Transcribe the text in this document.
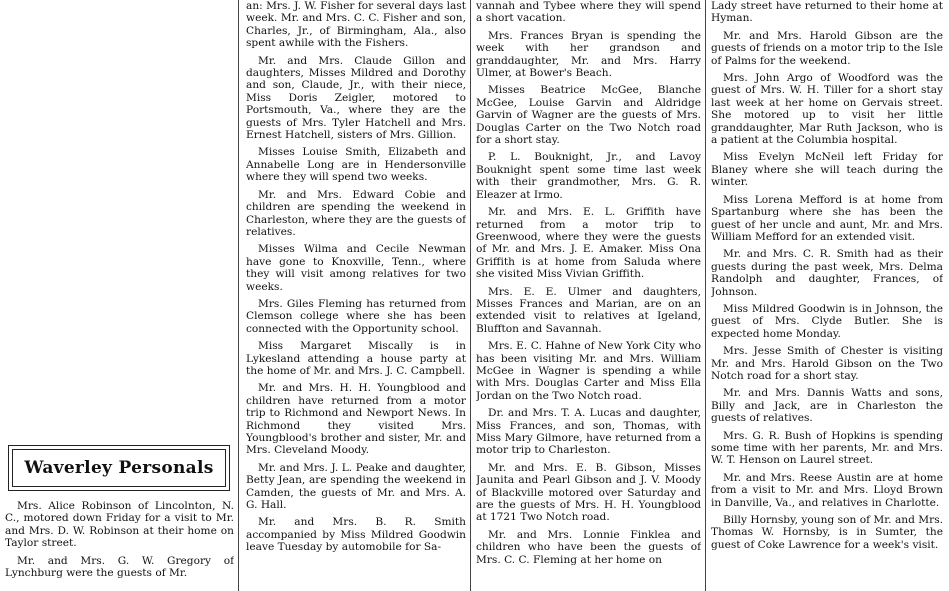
Waverley Personals

Mrs. Alice Robinson of Lincolnton, N. C., motored down Friday for a visit to Mr. and Mrs. D. W. Robinson at their home on Taylor street.

Mr. and Mrs. G. W. Gregory of Lynchburg were the guests of Mr.

an: Mrs. J. W. Fisher for several days last week. Mr. and Mrs. C. C. Fisher and son, Charles, Jr., of Birmingham, Ala., also spent awhile with the Fishers.

Mr. and Mrs. Claude Gillon and daughters, Misses Mildred and Dorothy and son, Claude, Jr., with their niece, Miss Doris Zeigler, motored to Portsmouth, Va., where they are the guests of Mrs. Tyler Hatchell and Mrs. Ernest Hatchell, sisters of Mrs. Gillion.

Misses Louise Smith, Elizabeth and Annabelle Long are in Hendersonville where they will spend two weeks.

Mr. and Mrs. Edward Cobie and children are spending the weekend in Charleston, where they are the guests of relatives.

Misses Wilma and Cecile Newman have gone to Knoxville, Tenn., where they will visit among relatives for two weeks.

Mrs. Giles Fleming has returned from Clemson college where she has been connected with the Opportunity school.

Miss Margaret Miscally is in Lykesland attending a house party at the home of Mr. and Mrs. J. C. Campbell.

Mr. and Mrs. H. H. Youngblood and children have returned from a motor trip to Richmond and Newport News. In Richmond they visited Mrs. Youngblood's brother and sister, Mr. and Mrs. Cleveland Moody.

Mr. and Mrs. J. L. Peake and daughter, Betty Jean, are spending the weekend in Camden, the guests of Mr. and Mrs. A. G. Hall.

Mr. and Mrs. B. R. Smith accompanied by Miss Mildred Goodwin leave Tuesday by automobile for Sa-

vannah and Tybee where they will spend a short vacation.

Mrs. Frances Bryan is spending the week with her grandson and granddaughter, Mr. and Mrs. Harry Ulmer, at Bower's Beach.

Misses Beatrice McGee, Blanche McGee, Louise Garvin and Aldridge Garvin of Wagner are the guests of Mrs. Douglas Carter on the Two Notch road for a short stay.

P. L. Bouknight, Jr., and Lavoy Bouknight spent some time last week with their grandmother, Mrs. G. R. Eleazer at Irmo.

Mr. and Mrs. E. L. Griffith have returned from a motor trip to Greenwood, where they were the guests of Mr. and Mrs. J. E. Amaker. Miss Ona Griffith is at home from Saluda where she visited Miss Vivian Griffith.

Mrs. E. E. Ulmer and daughters, Misses Frances and Marian, are on an extended visit to relatives at Igeland, Bluffton and Savannah.

Mrs. E. C. Hahne of New York City who has been visiting Mr. and Mrs. William McGee in Wagner is spending a while with Mrs. Douglas Carter and Miss Ella Jordan on the Two Notch road.

Dr. and Mrs. T. A. Lucas and daughter, Miss Frances, and son, Thomas, with Miss Mary Gilmore, have returned from a motor trip to Charleston.

Mr. and Mrs. E. B. Gibson, Misses Jaunita and Pearl Gibson and J. V. Moody of Blackville motored over Saturday and are the guests of Mrs. H. H. Youngblood at 1721 Two Notch road.

Mr. and Mrs. Lonnie Finklea and children who have been the guests of Mrs. C. C. Fleming at her home on

Lady street have returned to their home at Hyman.

Mr. and Mrs. Harold Gibson are the guests of friends on a motor trip to the Isle of Palms for the weekend.

Mrs. John Argo of Woodford was the guest of Mrs. W. H. Tiller for a short stay last week at her home on Gervais street. She motored up to visit her little granddaughter, Mar Ruth Jackson, who is a patient at the Columbia hospital.

Miss Evelyn McNeil left Friday for Blaney where she will teach during the winter.

Miss Lorena Mefford is at home from Spartanburg where she has been the guest of her uncle and aunt, Mr. and Mrs. William Mefford for an extended visit.

Mr. and Mrs. C. R. Smith had as their guests during the past week, Mrs. Delma Randolph and daughter, Frances, of Johnson.

Miss Mildred Goodwin is in Johnson, the guest of Mrs. Clyde Butler. She is expected home Monday.

Mrs. Jesse Smith of Chester is visiting Mr. and Mrs. Harold Gibson on the Two Notch road for a short stay.

Mr. and Mrs. Dannis Watts and sons, Billy and Jack, are in Charleston the guests of relatives.

Mrs. G. R. Bush of Hopkins is spending some time with her parents, Mr. and Mrs. W. T. Henson on Laurel street.

Mr. and Mrs. Reese Austin are at home from a visit to Mr. and Mrs. Lloyd Brown in Danville, Va., and relatives in Charlotte.

Billy Hornsby, young son of Mr. and Mrs. Thomas W. Hornsby, is in Sumter, the guest of Coke Lawrence for a week's visit.
